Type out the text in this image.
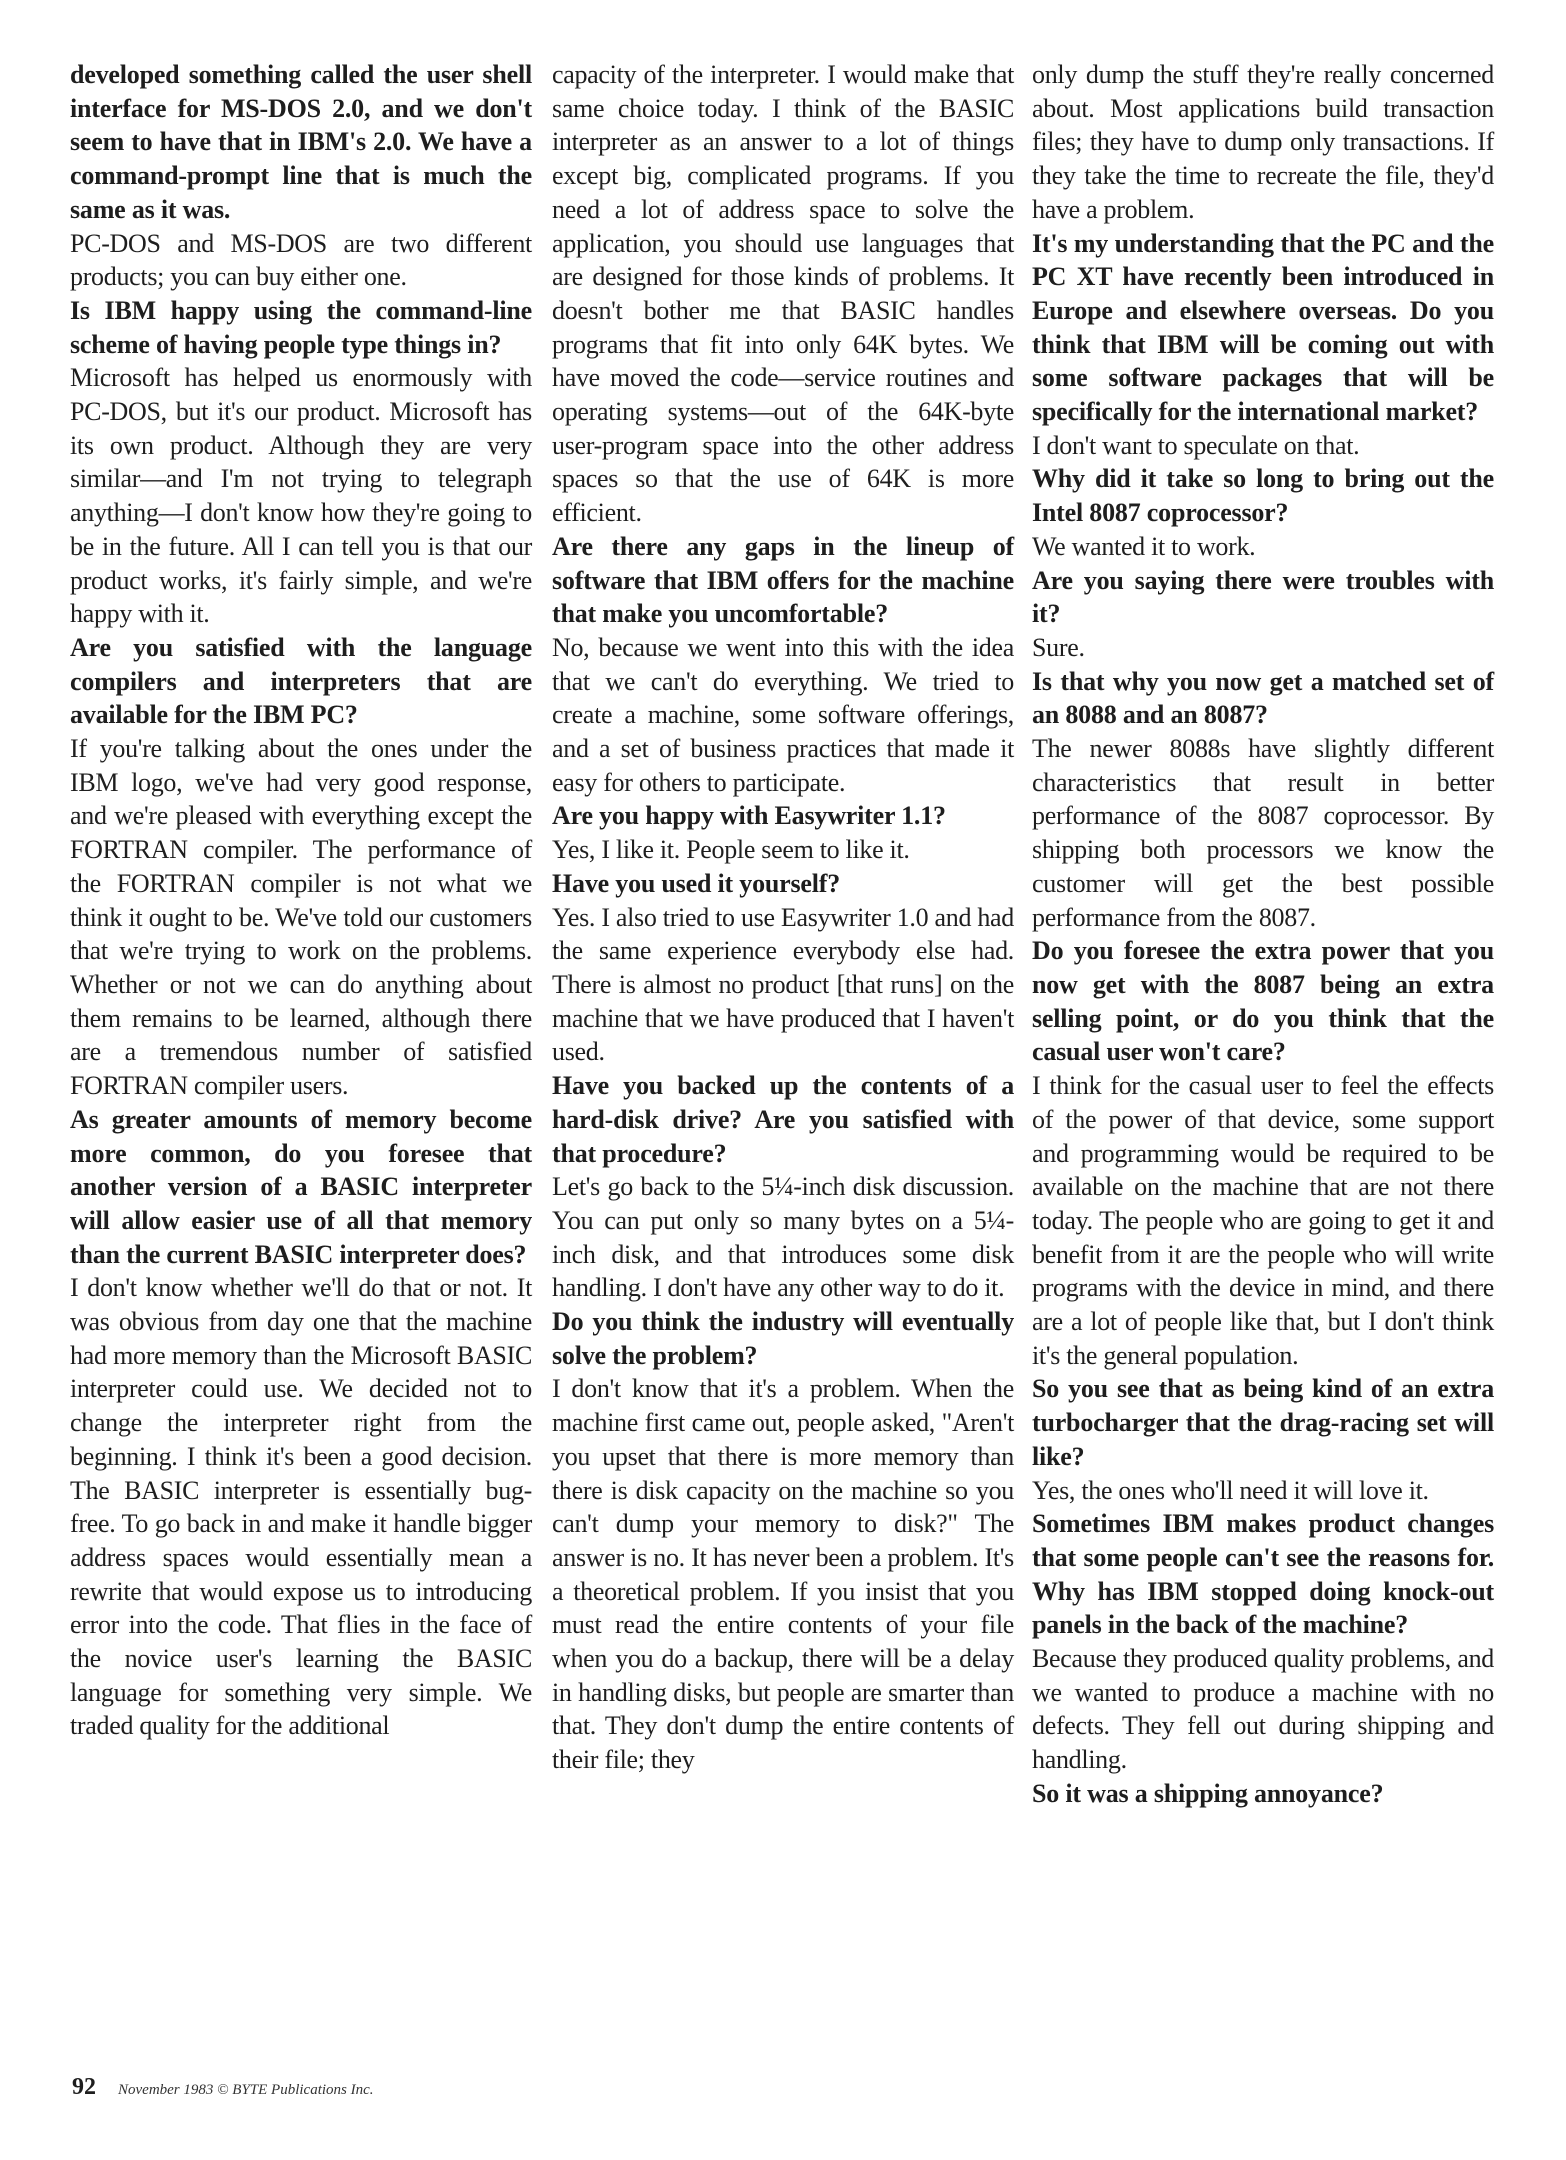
developed something called the user shell interface for MS-DOS 2.0, and we don't seem to have that in IBM's 2.0. We have a command-prompt line that is much the same as it was.

PC-DOS and MS-DOS are two different products; you can buy either one.

Is IBM happy using the command-line scheme of having people type things in?

Microsoft has helped us enormously with PC-DOS, but it's our product. Microsoft has its own product. Although they are very similar—and I'm not trying to telegraph anything—I don't know how they're going to be in the future. All I can tell you is that our product works, it's fairly simple, and we're happy with it.

Are you satisfied with the language compilers and interpreters that are available for the IBM PC?

If you're talking about the ones under the IBM logo, we've had very good response, and we're pleased with everything except the FORTRAN compiler. The performance of the FORTRAN compiler is not what we think it ought to be. We've told our customers that we're trying to work on the problems. Whether or not we can do anything about them remains to be learned, although there are a tremendous number of satisfied FORTRAN compiler users.

As greater amounts of memory become more common, do you foresee that another version of a BASIC interpreter will allow easier use of all that memory than the current BASIC interpreter does?

I don't know whether we'll do that or not. It was obvious from day one that the machine had more memory than the Microsoft BASIC interpreter could use. We decided not to change the interpreter right from the beginning. I think it's been a good decision. The BASIC interpreter is essentially bug-free. To go back in and make it handle bigger address spaces would essentially mean a rewrite that would expose us to introducing error into the code. That flies in the face of the novice user's learning the BASIC language for something very simple. We traded quality for the additional

capacity of the interpreter. I would make that same choice today. I think of the BASIC interpreter as an answer to a lot of things except big, complicated programs. If you need a lot of address space to solve the application, you should use languages that are designed for those kinds of problems. It doesn't bother me that BASIC handles programs that fit into only 64K bytes. We have moved the code—service routines and operating systems—out of the 64K-byte user-program space into the other address spaces so that the use of 64K is more efficient.

Are there any gaps in the lineup of software that IBM offers for the machine that make you uncomfortable?

No, because we went into this with the idea that we can't do everything. We tried to create a machine, some software offerings, and a set of business practices that made it easy for others to participate.

Are you happy with Easywriter 1.1?

Yes, I like it. People seem to like it.

Have you used it yourself?

Yes. I also tried to use Easywriter 1.0 and had the same experience everybody else had. There is almost no product [that runs] on the machine that we have produced that I haven't used.

Have you backed up the contents of a hard-disk drive? Are you satisfied with that procedure?

Let's go back to the 5¼-inch disk discussion. You can put only so many bytes on a 5¼-inch disk, and that introduces some disk handling. I don't have any other way to do it.

Do you think the industry will eventually solve the problem?

I don't know that it's a problem. When the machine first came out, people asked, "Aren't you upset that there is more memory than there is disk capacity on the machine so you can't dump your memory to disk?" The answer is no. It has never been a problem. It's a theoretical problem. If you insist that you must read the entire contents of your file when you do a backup, there will be a delay in handling disks, but people are smarter than that. They don't dump the entire contents of their file; they

only dump the stuff they're really concerned about. Most applications build transaction files; they have to dump only transactions. If they take the time to recreate the file, they'd have a problem.

It's my understanding that the PC and the PC XT have recently been introduced in Europe and elsewhere overseas. Do you think that IBM will be coming out with some software packages that will be specifically for the international market?

I don't want to speculate on that.

Why did it take so long to bring out the Intel 8087 coprocessor?

We wanted it to work.

Are you saying there were troubles with it?

Sure.

Is that why you now get a matched set of an 8088 and an 8087?

The newer 8088s have slightly different characteristics that result in better performance of the 8087 coprocessor. By shipping both processors we know the customer will get the best possible performance from the 8087.

Do you foresee the extra power that you now get with the 8087 being an extra selling point, or do you think that the casual user won't care?

I think for the casual user to feel the effects of the power of that device, some support and programming would be required to be available on the machine that are not there today. The people who are going to get it and benefit from it are the people who will write programs with the device in mind, and there are a lot of people like that, but I don't think it's the general population.

So you see that as being kind of an extra turbocharger that the drag-racing set will like?

Yes, the ones who'll need it will love it.

Sometimes IBM makes product changes that some people can't see the reasons for. Why has IBM stopped doing knock-out panels in the back of the machine?

Because they produced quality problems, and we wanted to produce a machine with no defects. They fell out during shipping and handling.

So it was a shipping annoyance?

92 November 1983 © BYTE Publications Inc.
